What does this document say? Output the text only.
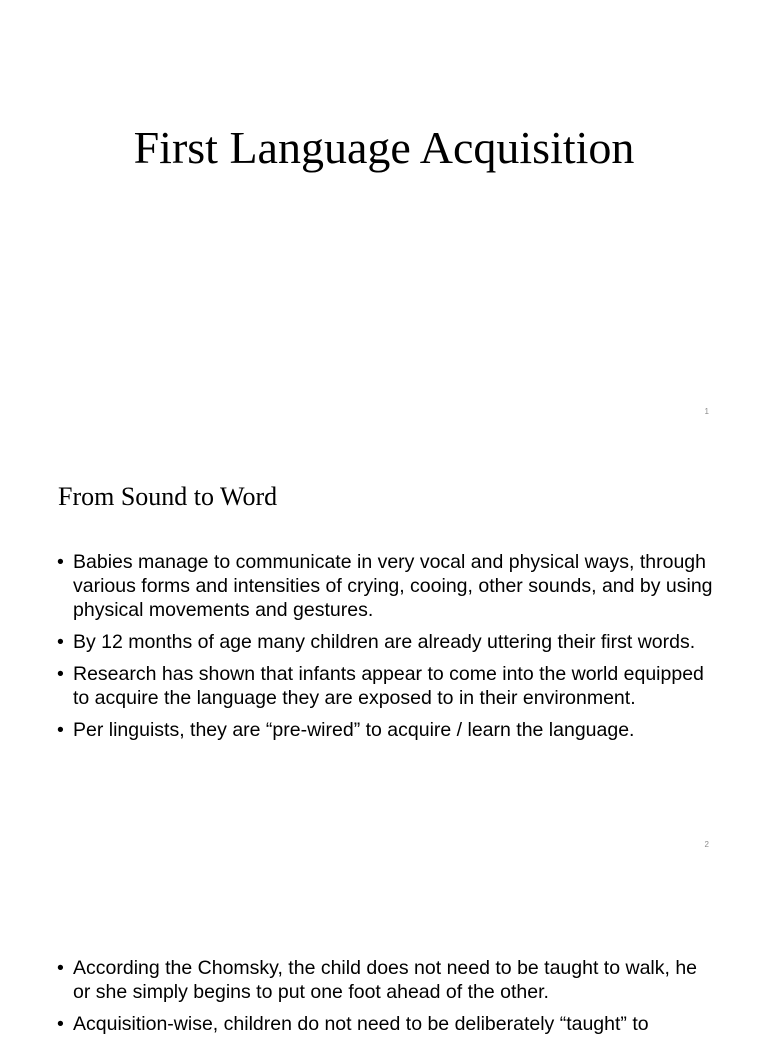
First Language Acquisition
1
From Sound to Word
• Babies manage to communicate in very vocal and physical ways, through various forms and intensities of crying, cooing, other sounds, and by using physical movements and gestures.
• By 12 months of age many children are already uttering their first words.
• Research has shown that infants appear to come into the world equipped to acquire the language they are exposed to in their environment.
• Per linguists, they are “pre-wired” to acquire / learn the language.
2
• According the Chomsky, the child does not need to be taught to walk, he or she simply begins to put one foot ahead of the other.
• Acquisition-wise, children do not need to be deliberately “taught” to
